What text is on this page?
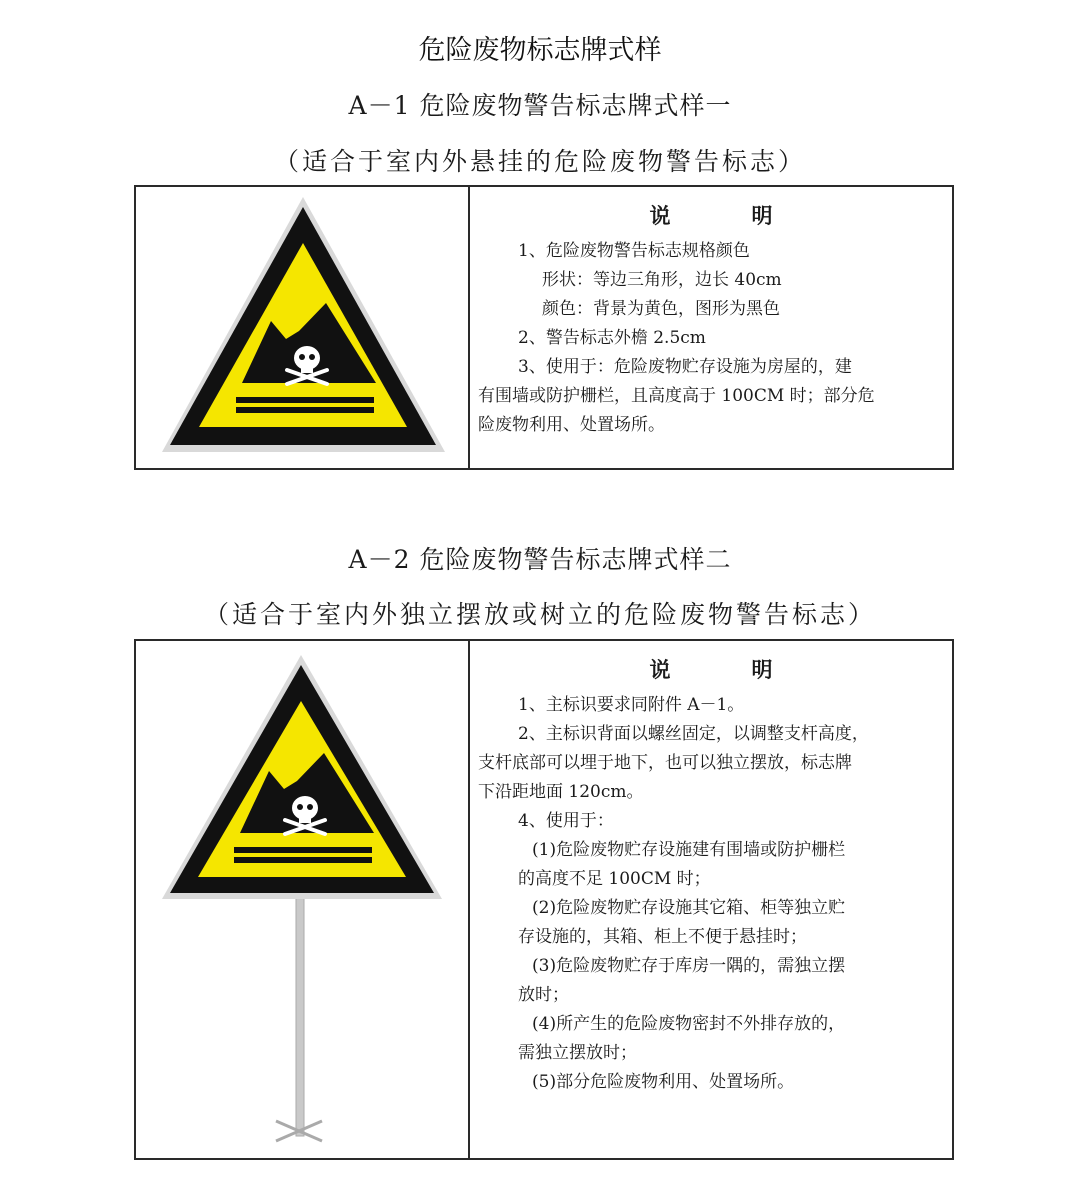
危险废物标志牌式样
A－1 危险废物警告标志牌式样一
（适合于室内外悬挂的危险废物警告标志）
说　明
1、危险废物警告标志规格颜色
形状：等边三角形，边长 40cm
颜色：背景为黄色，图形为黑色
2、警告标志外檐 2.5cm
3、使用于：危险废物贮存设施为房屋的，建
有围墙或防护栅栏，且高度高于 100CM 时；部分危
险废物利用、处置场所。
A－2 危险废物警告标志牌式样二
（适合于室内外独立摆放或树立的危险废物警告标志）
说　明
1、主标识要求同附件 A－1。
2、主标识背面以螺丝固定，以调整支杆高度，
支杆底部可以埋于地下，也可以独立摆放，标志牌
下沿距地面 120cm。
4、使用于：
(1)危险废物贮存设施建有围墙或防护栅栏
的高度不足 100CM 时；
(2)危险废物贮存设施其它箱、柜等独立贮
存设施的，其箱、柜上不便于悬挂时；
(3)危险废物贮存于库房一隅的，需独立摆
放时；
(4)所产生的危险废物密封不外排存放的，
需独立摆放时；
(5)部分危险废物利用、处置场所。
